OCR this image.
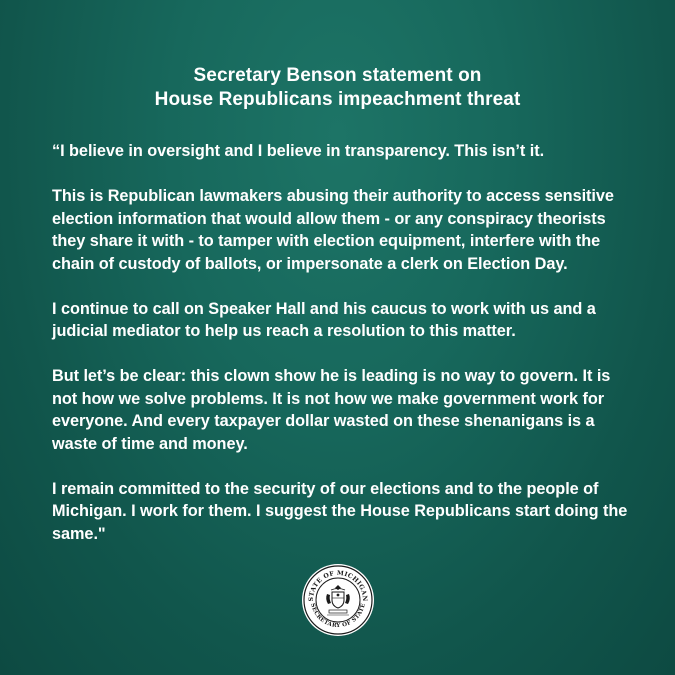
Secretary Benson statement on
House Republicans impeachment threat

“I believe in oversight and I believe in transparency. This isn’t it.

This is Republican lawmakers abusing their authority to access sensitive election information that would allow them - or any conspiracy theorists they share it with - to tamper with election equipment, interfere with the chain of custody of ballots, or impersonate a clerk on Election Day.

I continue to call on Speaker Hall and his caucus to work with us and a judicial mediator to help us reach a resolution to this matter.

But let’s be clear: this clown show he is leading is no way to govern. It is not how we solve problems. It is not how we make government work for everyone. And every taxpayer dollar wasted on these shenanigans is a waste of time and money.

I remain committed to the security of our elections and to the people of Michigan. I work for them. I suggest the House Republicans start doing the same."

STATE OF MICHIGAN
SECRETARY OF STATE
